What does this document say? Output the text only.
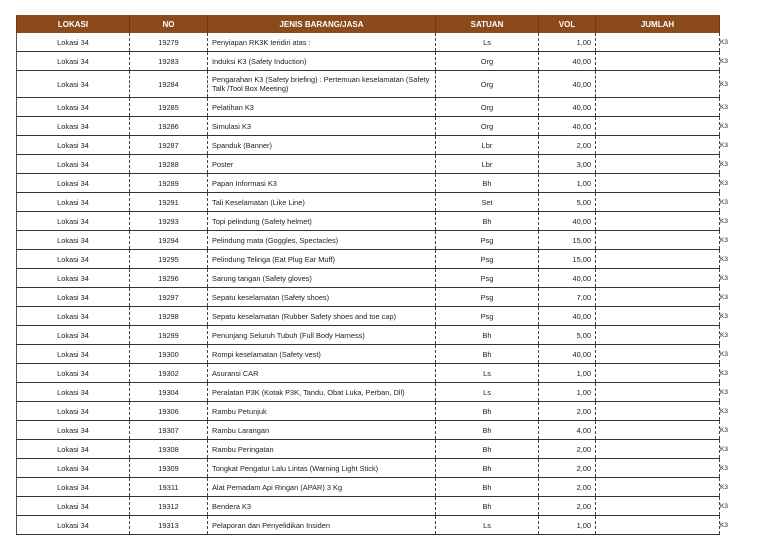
LOKASI	NO	JENIS BARANG/JASA	SATUAN	VOL	JUMLAH
Lokasi 34	19279	Penyiapan RK3K teridiri atas :	Ls	1,00	
Lokasi 34	19283	Induksi K3 (Safety Induction)	Org	40,00	
Lokasi 34	19284	Pengarahan K3 (Safety briefing) : Pertemuan keselamatan (Safety Talk /Tool Box Meeting)	Org	40,00	
Lokasi 34	19285	Pelatihan K3	Org	40,00	
Lokasi 34	19286	Simulasi K3	Org	40,00	
Lokasi 34	19287	Spanduk (Banner)	Lbr	2,00	
Lokasi 34	19288	Poster	Lbr	3,00	
Lokasi 34	19289	Papan Informasi K3	Bh	1,00	
Lokasi 34	19291	Tali Keselamatan (Like Line)	Set	5,00	
Lokasi 34	19293	Topi pelindung (Safety helmet)	Bh	40,00	
Lokasi 34	19294	Pelindung mata (Goggles, Spectacles)	Psg	15,00	
Lokasi 34	19295	Pelindung Telinga (Eat Plug Ear Muff)	Psg	15,00	
Lokasi 34	19296	Sarung tangan (Safety gloves)	Psg	40,00	
Lokasi 34	19297	Sepatu keselamatan (Safety shoes)	Psg	7,00	
Lokasi 34	19298	Sepatu keselamatan (Rubber Safety shoes and toe cap)	Psg	40,00	
Lokasi 34	19299	Penunjang Seluruh Tubuh (Full Body Harness)	Bh	5,00	
Lokasi 34	19300	Rompi keselamatan (Safety vest)	Bh	40,00	
Lokasi 34	19302	Asuransi CAR	Ls	1,00	
Lokasi 34	19304	Peralatan P3K (Kotak P3K, Tandu, Obat Luka, Perban, Dll)	Ls	1,00	
Lokasi 34	19306	Rambu Petunjuk	Bh	2,00	
Lokasi 34	19307	Rambu Larangan	Bh	4,00	
Lokasi 34	19308	Rambu Peringatan	Bh	2,00	
Lokasi 34	19309	Tongkat Pengatur Lalu Lintas (Warning Light Stick)	Bh	2,00	
Lokasi 34	19311	Alat Pemadam Api Ringan (APAR) 3 Kg	Bh	2,00	
Lokasi 34	19312	Bendera K3	Bh	2,00	
Lokasi 34	19313	Pelaporan dan Penyelidikan Insiden	Ls	1,00	
K3
K3
K3
K3
K3
K3
K3
K3
K3
K3
K3
K3
K3
K3
K3
K3
K3
K3
K3
K3
K3
K3
K3
K3
K3
K3
